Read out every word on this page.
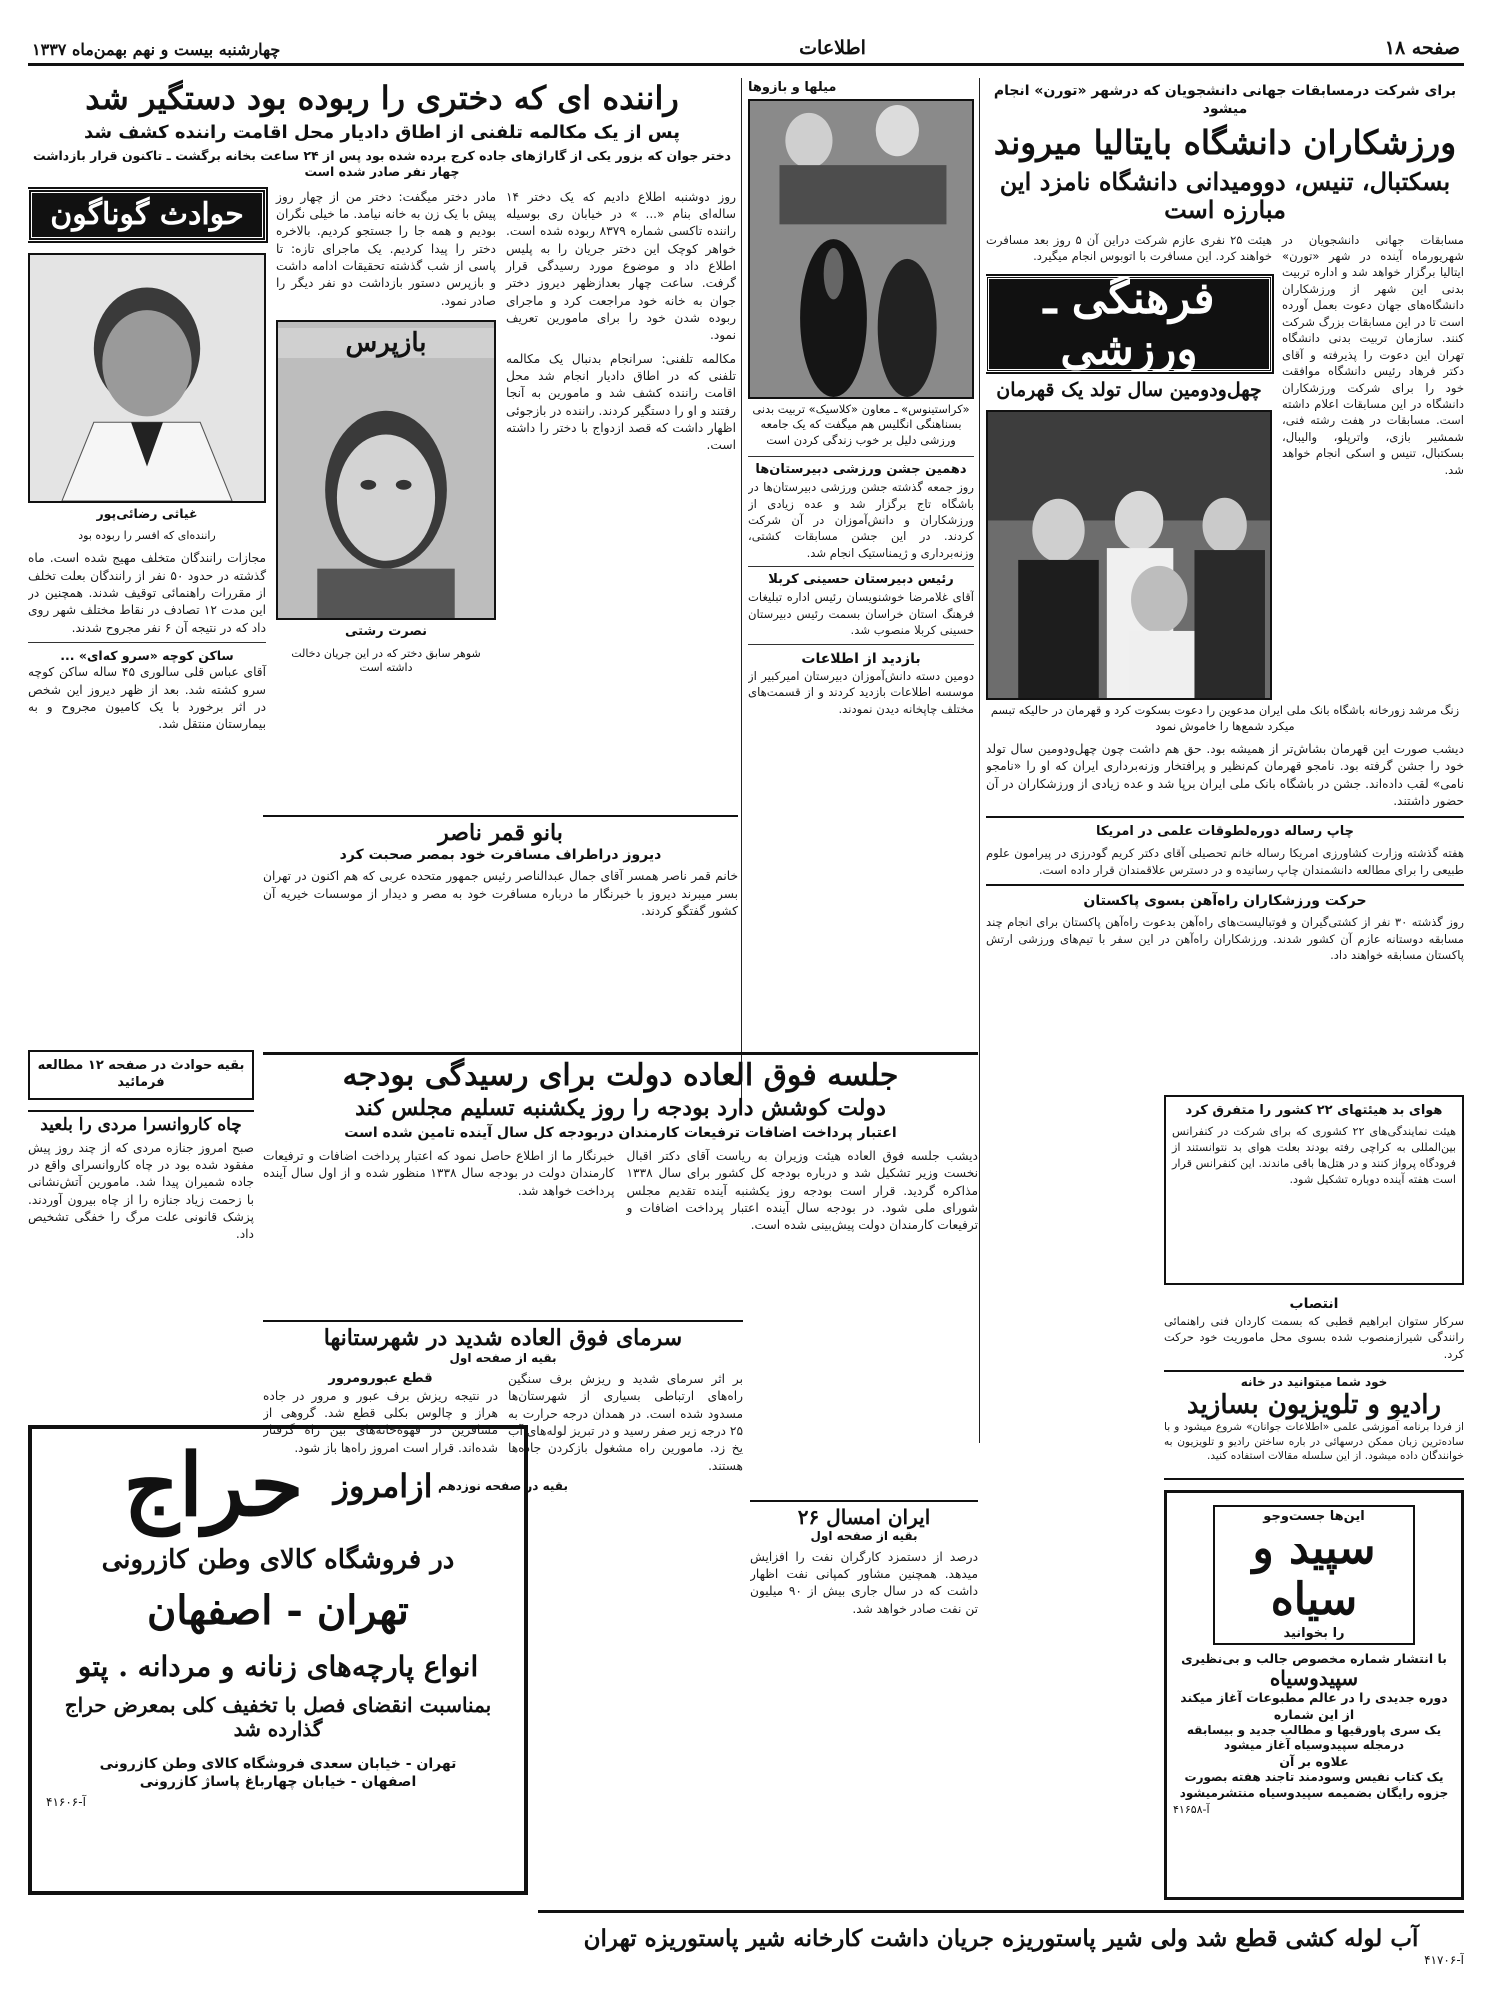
صفحه ۱۸
اطلاعات
چهارشنبه بیست و نهم بهمن‌ماه ۱۳۳۷
برای شرکت درمسابقات جهانی دانشجویان که درشهر «تورن» انجام میشود
ورزشکاران دانشگاه بایتالیا میروند
بسکتبال، تنیس، دوومیدانی دانشگاه نامزد این مبارزه است
مسابقات جهانی دانشجویان در شهریورماه آینده در شهر «تورن» ایتالیا برگزار خواهد شد و اداره تربیت بدنی این شهر از ورزشکاران دانشگاه‌های جهان دعوت بعمل آورده است تا در این مسابقات بزرگ شرکت کنند. سازمان تربیت بدنی دانشگاه تهران این دعوت را پذیرفته و آقای دکتر فرهاد رئیس دانشگاه موافقت خود را برای شرکت ورزشکاران دانشگاه در این مسابقات اعلام داشته است. مسابقات در هفت رشته فنی، شمشیر بازی، واترپلو، والیبال، بسکتبال، تنیس و اسکی انجام خواهد شد.
هیئت ۲۵ نفری عازم شرکت دراین آن ۵ روز بعد مسافرت خواهند کرد. این مسافرت با اتوبوس انجام میگیرد.
فرهنگی ـ ورزشی
چهل‌ودومین سال تولد یک قهرمان
زنگ مرشد زورخانه باشگاه بانک ملی ایران مدعوین را دعوت بسکوت کرد و قهرمان در حالیکه تبسم میکرد شمع‌ها را خاموش نمود
دیشب صورت این قهرمان بشاش‌تر از همیشه بود. حق هم داشت چون چهل‌ودومین سال تولد خود را جشن گرفته بود. نامجو قهرمان کم‌نظیر و پرافتخار وزنه‌برداری ایران که او را «نامجو نامی» لقب داده‌اند. جشن در باشگاه بانک ملی ایران برپا شد و عده زیادی از ورزشکاران در آن حضور داشتند.
چاپ رساله دوره‌لطوقات علمی در امریکا
هفته گذشته وزارت کشاورزی امریکا رساله خانم تحصیلی آقای دکتر کریم گودرزی در پیرامون علوم طبیعی را برای مطالعه دانشمندان چاپ رسانیده و در دسترس علاقمندان قرار داده است.
حرکت ورزشکاران راه‌آهن بسوی پاکستان
روز گذشته ۳۰ نفر از کشتی‌گیران و فوتبالیست‌های راه‌آهن بدعوت راه‌آهن پاکستان برای انجام چند مسابقه دوستانه عازم آن کشور شدند. ورزشکاران راه‌آهن در این سفر با تیم‌های ورزشی ارتش پاکستان مسابقه خواهند داد.
هوای بد هیئتهای ۲۲ کشور را متفرق کرد
هیئت نمایندگی‌های ۲۲ کشوری که برای شرکت در کنفرانس بین‌المللی به کراچی رفته بودند بعلت هوای بد نتوانستند از فرودگاه پرواز کنند و در هتل‌ها باقی ماندند. این کنفرانس قرار است هفته آینده دوباره تشکیل شود.
انتصاب
سرکار ستوان ابراهیم قطبی که بسمت کاردان فنی راهنمائی رانندگی شیرازمنصوب شده بسوی محل ماموریت خود حرکت کرد.
خود شما میتوانید در خانه
رادیو و تلویزیون بسازید
از فردا برنامه آموزشی علمی «اطلاعات جوانان» شروع میشود و با ساده‌ترین زبان ممکن درسهائی در باره ساختن رادیو و تلویزیون به خوانندگان داده میشود. از این سلسله مقالات استفاده کنید.
این‌ها جست‌وجو
سپید و سیاه
را بخوانید
با انتشار شماره مخصوص جالب و بی‌نظیری
سپیدوسیاه
دوره جدیدی را در عالم مطبوعات آغاز میکند
از این شماره
یک سری پاورقیها و مطالب جدید و بیسابقه درمجله سپیدوسیاه آغاز میشود
علاوه بر آن
یک کتاب نفیس وسودمند تاجند هفته بصورت جزوه رایگان بضمیمه سپیدوسیاه منتشرمیشود
آ-۴۱۶۵۸
میلها و بازوها
«کراستینوس» ـ معاون «کلاسیک» تربیت بدنی بسناهنگی انگلیس هم میگفت که یک جامعه ورزشی دلیل بر خوب زندگی کردن است
دهمین جشن ورزشی دبیرستان‌ها
روز جمعه گذشته جشن ورزشی دبیرستان‌ها در باشگاه تاج برگزار شد و عده زیادی از ورزشکاران و دانش‌آموزان در آن شرکت کردند. در این جشن مسابقات کشتی، وزنه‌برداری و ژیمناستیک انجام شد.
رئیس دبیرستان حسینی کربلا
آقای غلامرضا خوشنویسان رئیس اداره تبلیغات فرهنگ استان خراسان بسمت رئیس دبیرستان حسینی کربلا منصوب شد.
بازدید از اطلاعات
دومین دسته دانش‌آموزان دبیرستان امیرکبیر از موسسه اطلاعات بازدید کردند و از قسمت‌های مختلف چاپخانه دیدن نمودند.
راننده ای که دختری را ربوده بود دستگیر شد
پس از یک مکالمه تلفنی از اطاق دادیار محل اقامت راننده کشف شد
دختر جوان که بزور یکی از گاراژهای جاده کرج برده شده بود پس از ۲۴ ساعت بخانه برگشت ـ تاکنون قرار بازداشت چهار نفر صادر شده است
روز دوشنبه اطلاع دادیم که یک دختر ۱۴ ساله‌ای بنام «... » در خیابان ری بوسیله راننده تاکسی شماره ۸۳۷۹ ربوده شده است. خواهر کوچک این دختر جریان را به پلیس اطلاع داد و موضوع مورد رسیدگی قرار گرفت. ساعت چهار بعدازظهر دیروز دختر جوان به خانه خود مراجعت کرد و ماجرای ربوده شدن خود را برای مامورین تعریف نمود.
مکالمه تلفنی: سرانجام بدنبال یک مکالمه تلفنی که در اطاق دادیار انجام شد محل اقامت راننده کشف شد و مامورین به آنجا رفتند و او را دستگیر کردند. راننده در بازجوئی اظهار داشت که قصد ازدواج با دختر را داشته است.
مادر دختر میگفت: دختر من از چهار روز پیش با یک زن به خانه نیامد. ما خیلی نگران بودیم و همه جا را جستجو کردیم. بالاخره دختر را پیدا کردیم. یک ماجرای تازه: تا پاسی از شب گذشته تحقیقات ادامه داشت و بازپرس دستور بازداشت دو نفر دیگر را صادر نمود.
بازپرس
نصرت رشتی
شوهر سابق دختر که در این جریان دخالت داشته است
حوادث گوناگون
غیاثی رضائی‌پور
راننده‌ای که افسر را ربوده بود
مجازات رانندگان متخلف مهیج شده است. ماه گذشته در حدود ۵۰ نفر از رانندگان بعلت تخلف از مقررات راهنمائی توقیف شدند. همچنین در این مدت ۱۲ تصادف در نقاط مختلف شهر روی داد که در نتیجه آن ۶ نفر مجروح شدند.
ساکن کوچه «سرو که‌ای» ...
آقای عباس قلی سالوری ۴۵ ساله ساکن کوچه سرو کشته شد. بعد از ظهر دیروز این شخص در اثر برخورد با یک کامیون مجروح و به بیمارستان منتقل شد.
بانو قمر ناصر
دیروز دراطراف مسافرت خود بمصر صحبت کرد
خانم قمر ناصر همسر آقای جمال عبدالناصر رئیس جمهور متحده عربی که هم اکنون در تهران بسر میبرند دیروز با خبرنگار ما درباره مسافرت خود به مصر و دیدار از موسسات خیریه آن کشور گفتگو کردند.
بقیه حوادث در صفحه ۱۲ مطالعه فرمائید	جلسه فوق العاده دولت برای رسیدگی بودجه
دولت کوشش دارد بودجه را روز یکشنبه تسلیم مجلس کند
اعتبار پرداخت اضافات ترفیعات کارمندان دربودجه کل سال آینده تامین شده است
دیشب جلسه فوق العاده هیئت وزیران به ریاست آقای دکتر اقبال نخست وزیر تشکیل شد و درباره بودجه کل کشور برای سال ۱۳۳۸ مذاکره گردید. قرار است بودجه روز یکشنبه آینده تقدیم مجلس شورای ملی شود. در بودجه سال آینده اعتبار پرداخت اضافات و ترفیعات کارمندان دولت پیش‌بینی شده است.
خبرنگار ما از اطلاع حاصل نمود که اعتبار پرداخت اضافات و ترفیعات کارمندان دولت در بودجه سال ۱۳۳۸ منظور شده و از اول سال آینده پرداخت خواهد شد.
چاه کاروانسرا مردی را بلعید
صبح امروز جنازه مردی که از چند روز پیش مفقود شده بود در چاه کاروانسرای واقع در جاده شمیران پیدا شد. مامورین آتش‌نشانی با زحمت زیاد جنازه را از چاه بیرون آوردند. پزشک قانونی علت مرگ را خفگی تشخیص داد.
سرمای فوق العاده شدید در شهرستانها
بقیه از صفحه اول
بر اثر سرمای شدید و ریزش برف سنگین راه‌های ارتباطی بسیاری از شهرستان‌ها مسدود شده است. در همدان درجه حرارت به ۲۵ درجه زیر صفر رسید و در تبریز لوله‌های آب یخ زد. مامورین راه مشغول بازکردن جاده‌ها هستند.
قطع عبورومرور
در نتیجه ریزش برف عبور و مرور در جاده هراز و چالوس بکلی قطع شد. گروهی از مسافرین در قهوه‌خانه‌های بین راه گرفتار شده‌اند. قرار است امروز راه‌ها باز شود.
بقیه در صفحه نوزدهم
ایران امسال ۲۶
بقیه از صفحه اول
درصد از دستمزد کارگران نفت را افزایش میدهد. همچنین مشاور کمپانی نفت اظهار داشت که در سال جاری بیش از ۹۰ میلیون تن نفت صادر خواهد شد.
ازامروز
حراج
در فروشگاه کالای وطن کازرونی
تهران - اصفهان
انواع پارچه‌های زنانه و مردانه . پتو
بمناسبت انقضای فصل با تخفیف کلی بمعرض حراج گذارده شد
تهران - خیابان سعدی فروشگاه کالای وطن کازرونی
اصفهان - خیابان چهارباغ پاساژ کازرونی
آ-۴۱۶۰۶
آب لوله کشی قطع شد ولی شیر پاستوریزه جریان داشت کارخانه شیر پاستوریزه تهران
آ-۴۱۷۰۶
